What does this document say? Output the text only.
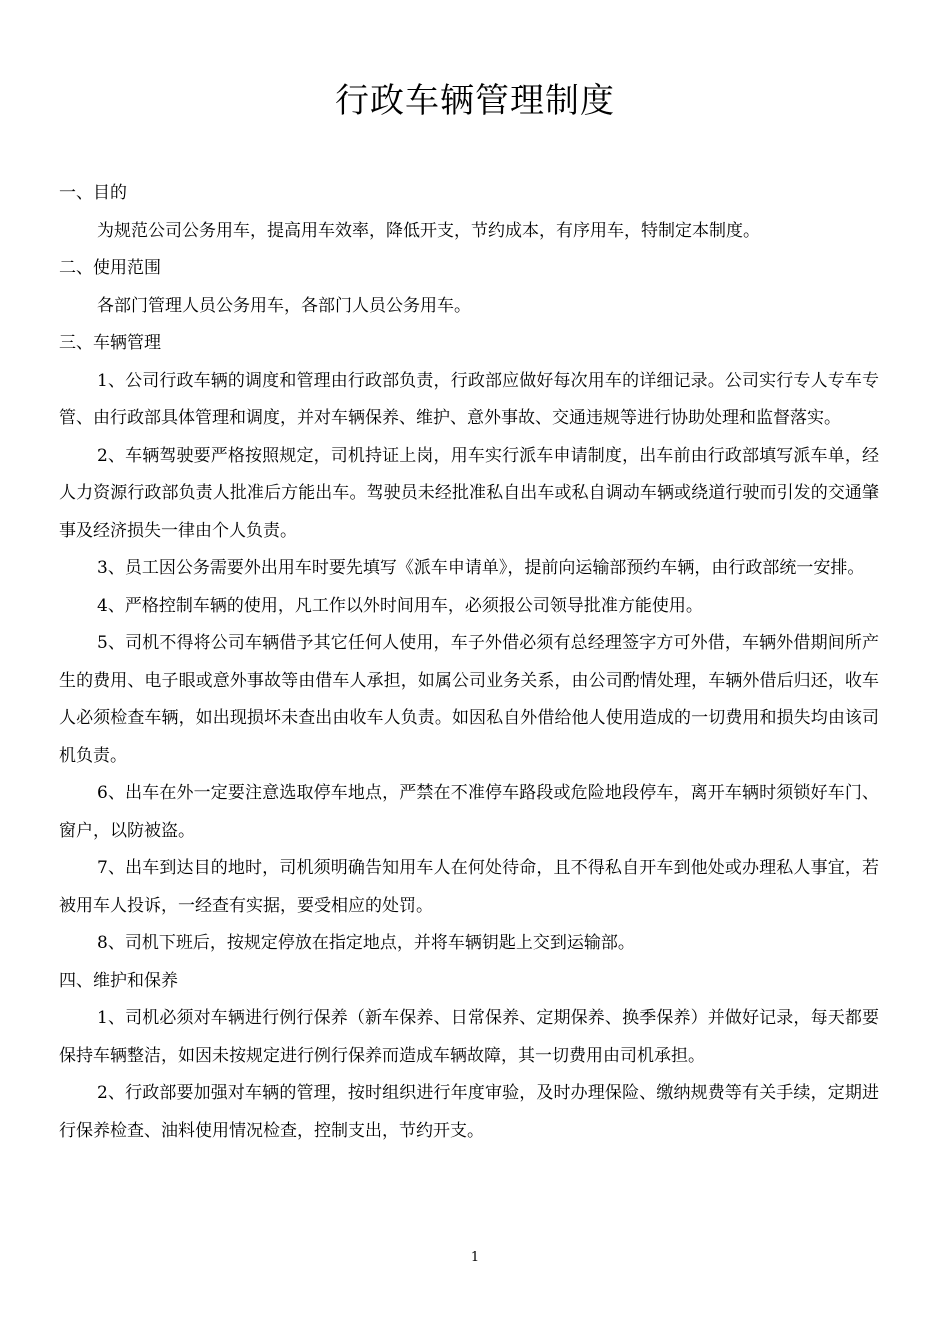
行政车辆管理制度

一、目的

为规范公司公务用车，提高用车效率，降低开支，节约成本，有序用车，特制定本制度。

二、使用范围

各部门管理人员公务用车，各部门人员公务用车。

三、车辆管理

1、公司行政车辆的调度和管理由行政部负责，行政部应做好每次用车的详细记录。公司实行专人专车专管、由行政部具体管理和调度，并对车辆保养、维护、意外事故、交通违规等进行协助处理和监督落实。

2、车辆驾驶要严格按照规定，司机持证上岗，用车实行派车申请制度，出车前由行政部填写派车单，经人力资源行政部负责人批准后方能出车。驾驶员未经批准私自出车或私自调动车辆或绕道行驶而引发的交通肇事及经济损失一律由个人负责。

3、员工因公务需要外出用车时要先填写《派车申请单》，提前向运输部预约车辆，由行政部统一安排。

4、严格控制车辆的使用，凡工作以外时间用车，必须报公司领导批准方能使用。

5、司机不得将公司车辆借予其它任何人使用，车子外借必须有总经理签字方可外借，车辆外借期间所产生的费用、电子眼或意外事故等由借车人承担，如属公司业务关系，由公司酌情处理，车辆外借后归还，收车人必须检查车辆，如出现损坏未查出由收车人负责。如因私自外借给他人使用造成的一切费用和损失均由该司机负责。

6、出车在外一定要注意选取停车地点，严禁在不准停车路段或危险地段停车，离开车辆时须锁好车门、窗户，以防被盗。

7、出车到达目的地时，司机须明确告知用车人在何处待命，且不得私自开车到他处或办理私人事宜，若被用车人投诉，一经查有实据，要受相应的处罚。

8、司机下班后，按规定停放在指定地点，并将车辆钥匙上交到运输部。

四、维护和保养

1、司机必须对车辆进行例行保养（新车保养、日常保养、定期保养、换季保养）并做好记录，每天都要保持车辆整洁，如因未按规定进行例行保养而造成车辆故障，其一切费用由司机承担。

2、行政部要加强对车辆的管理，按时组织进行年度审验，及时办理保险、缴纳规费等有关手续，定期进行保养检查、油料使用情况检查，控制支出，节约开支。

1
